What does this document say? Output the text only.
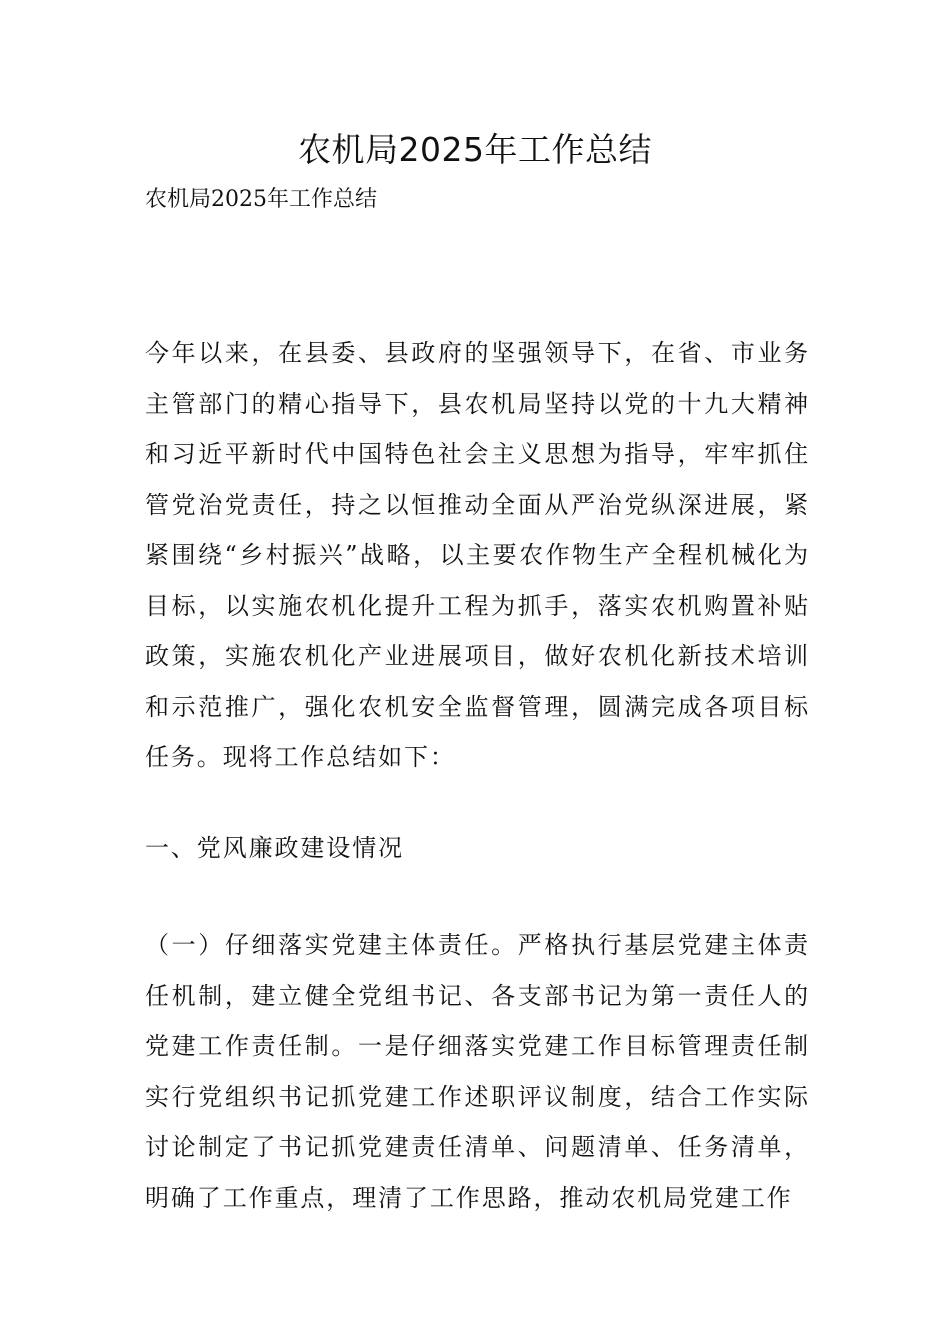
农机局2025年工作总结

农机局2025年工作总结

今年以来，在县委、县政府的坚强领导下，在省、市业务主管部门的精心指导下，县农机局坚持以党的十九大精神和习近平新时代中国特色社会主义思想为指导，牢牢抓住管党治党责任，持之以恒推动全面从严治党纵深进展，紧紧围绕“乡村振兴”战略，以主要农作物生产全程机械化为目标，以实施农机化提升工程为抓手，落实农机购置补贴政策，实施农机化产业进展项目，做好农机化新技术培训和示范推广，强化农机安全监督管理，圆满完成各项目标任务。现将工作总结如下：

一、党风廉政建设情况

（一）仔细落实党建主体责任。严格执行基层党建主体责任机制，建立健全党组书记、各支部书记为第一责任人的党建工作责任制。一是仔细落实党建工作目标管理责任制实行党组织书记抓党建工作述职评议制度，结合工作实际讨论制定了书记抓党建责任清单、问题清单、任务清单，明确了工作重点，理清了工作思路，推动农机局党建工作
